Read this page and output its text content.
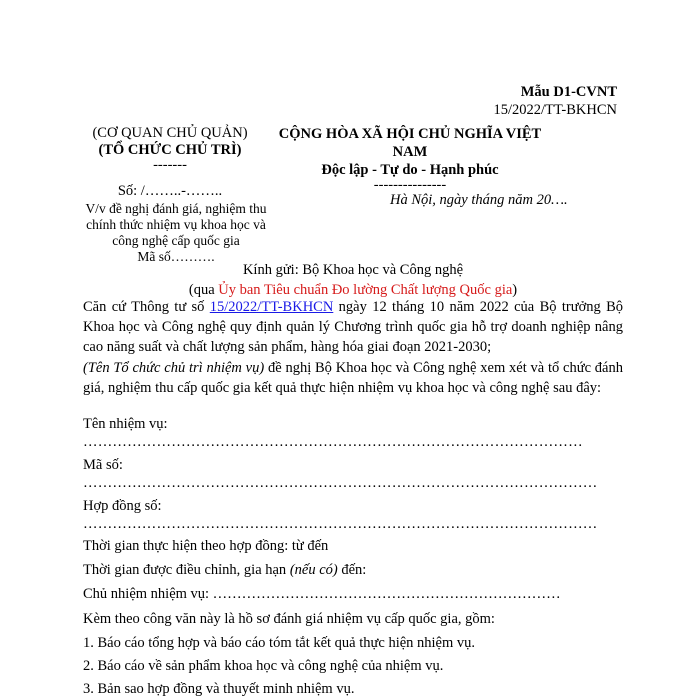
Mẫu D1-CVNT
15/2022/TT-BKHCN
(CƠ QUAN CHỦ QUẢN)
(TỔ CHỨC CHỦ TRÌ)
-------
Số: /……..-……..
V/v đề nghị đánh giá, nghiệm thu chính thức nhiệm vụ khoa học và công nghệ cấp quốc gia
Mã số……….
CỘNG HÒA XÃ HỘI CHỦ NGHĨA VIỆT NAM
Độc lập - Tự do - Hạnh phúc
---------------
Hà Nội, ngày tháng năm 20….
Kính gửi: Bộ Khoa học và Công nghệ
(qua Ủy ban Tiêu chuẩn Đo lường Chất lượng Quốc gia)
Căn cứ Thông tư số 15/2022/TT-BKHCN ngày 12 tháng 10 năm 2022 của Bộ trưởng Bộ Khoa học và Công nghệ quy định quản lý Chương trình quốc gia hỗ trợ doanh nghiệp nâng cao năng suất và chất lượng sản phẩm, hàng hóa giai đoạn 2021-2030;
(Tên Tổ chức chủ trì nhiệm vụ) đề nghị Bộ Khoa học và Công nghệ xem xét và tổ chức đánh giá, nghiệm thu cấp quốc gia kết quả thực hiện nhiệm vụ khoa học và công nghệ sau đây:
Tên nhiệm vụ:
…………………………………………………………………………………………
Mã số:
……………………………………………………………………………………………
Hợp đồng số:
……………………………………………………………………………………………
Thời gian thực hiện theo hợp đồng: từ đến
Thời gian được điều chỉnh, gia hạn (nếu có) đến:
Chủ nhiệm nhiệm vụ: ………………………………………………………………
Kèm theo công văn này là hồ sơ đánh giá nhiệm vụ cấp quốc gia, gồm:
1. Báo cáo tổng hợp và báo cáo tóm tắt kết quả thực hiện nhiệm vụ.
2. Báo cáo về sản phẩm khoa học và công nghệ của nhiệm vụ.
3. Bản sao hợp đồng và thuyết minh nhiệm vụ.
